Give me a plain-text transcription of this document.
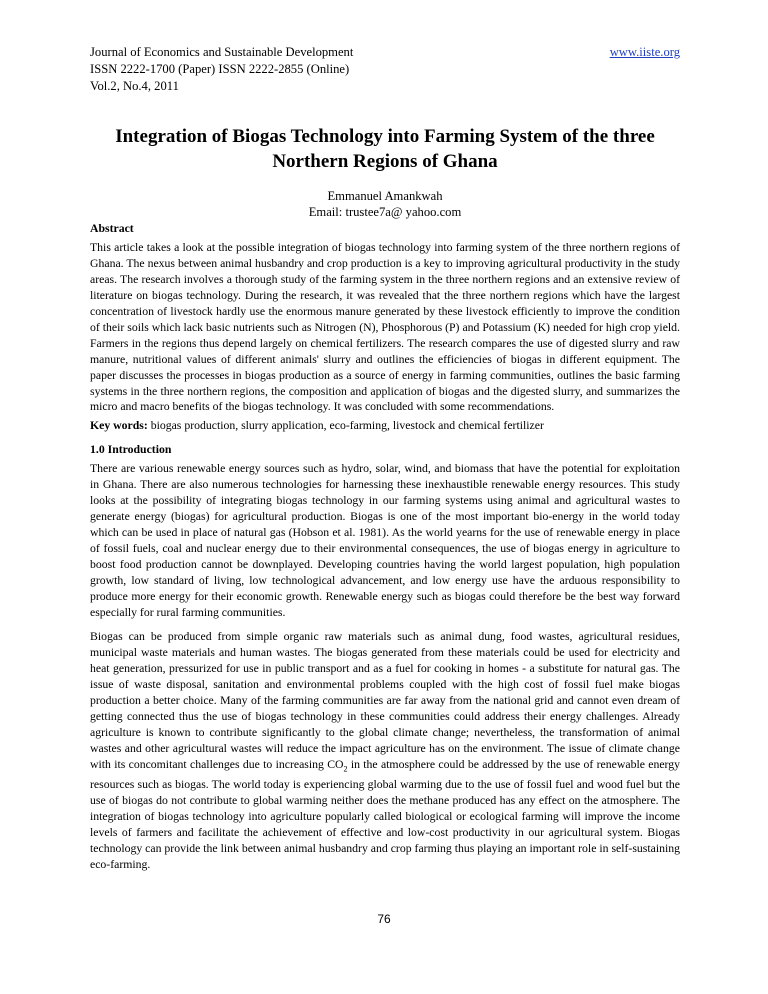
Journal of Economics and Sustainable Development	www.iiste.org
ISSN 2222-1700 (Paper) ISSN 2222-2855 (Online)
Vol.2, No.4, 2011
Integration of Biogas Technology into Farming System of the three Northern Regions of Ghana
Emmanuel Amankwah
Email: trustee7a@ yahoo.com

Abstract

This article takes a look at the possible integration of biogas technology into farming system of the three northern regions of Ghana. The nexus between animal husbandry and crop production is a key to improving agricultural productivity in the study areas. The research involves a thorough study of the farming system in the three northern regions and an extensive review of literature on biogas technology. During the research, it was revealed that the three northern regions which have the largest concentration of livestock hardly use the enormous manure generated by these livestock efficiently to improve the condition of their soils which lack basic nutrients such as Nitrogen (N), Phosphorous (P) and Potassium (K) needed for high crop yield. Farmers in the regions thus depend largely on chemical fertilizers. The research compares the use of digested slurry and raw manure, nutritional values of different animals' slurry and outlines the efficiencies of biogas in different equipment. The paper discusses the processes in biogas production as a source of energy in farming communities, outlines the basic farming systems in the three northern regions, the composition and application of biogas and the digested slurry, and summarizes the micro and macro benefits of the biogas technology. It was concluded with some recommendations.

Key words: biogas production, slurry application, eco-farming, livestock and chemical fertilizer

1.0 Introduction

There are various renewable energy sources such as hydro, solar, wind, and biomass that have the potential for exploitation in Ghana. There are also numerous technologies for harnessing these inexhaustible renewable energy resources. This study looks at the possibility of integrating biogas technology in our farming systems using animal and agricultural wastes to generate energy (biogas) for agricultural production. Biogas is one of the most important bio-energy in the world today which can be used in place of natural gas (Hobson et al. 1981). As the world yearns for the use of renewable energy in place of fossil fuels, coal and nuclear energy due to their environmental consequences, the use of biogas energy in agriculture to boost food production cannot be downplayed. Developing countries having the world largest population, high population growth, low standard of living, low technological advancement, and low energy use have the arduous responsibility to produce more energy for their economic growth. Renewable energy such as biogas could therefore be the best way forward especially for rural farming communities.

Biogas can be produced from simple organic raw materials such as animal dung, food wastes, agricultural residues, municipal waste materials and human wastes. The biogas generated from these materials could be used for electricity and heat generation, pressurized for use in public transport and as a fuel for cooking in homes - a substitute for natural gas. The issue of waste disposal, sanitation and environmental problems coupled with the high cost of fossil fuel make biogas production a better choice. Many of the farming communities are far away from the national grid and cannot even dream of getting connected thus the use of biogas technology in these communities could address their energy challenges. Already agriculture is known to contribute significantly to the global climate change; nevertheless, the transformation of animal wastes and other agricultural wastes will reduce the impact agriculture has on the environment. The issue of climate change with its concomitant challenges due to increasing $CO_2$ in the atmosphere could be addressed by the use of renewable energy resources such as biogas. The world today is experiencing global warming due to the use of fossil fuel and wood fuel but the use of biogas do not contribute to global warming neither does the methane produced has any effect on the atmosphere. The integration of biogas technology into agriculture popularly called biological or ecological farming will improve the income levels of farmers and facilitate the achievement of effective and low-cost productivity in our agricultural system. Biogas technology can provide the link between animal husbandry and crop farming thus playing an important role in self-sustaining eco-farming.

76
